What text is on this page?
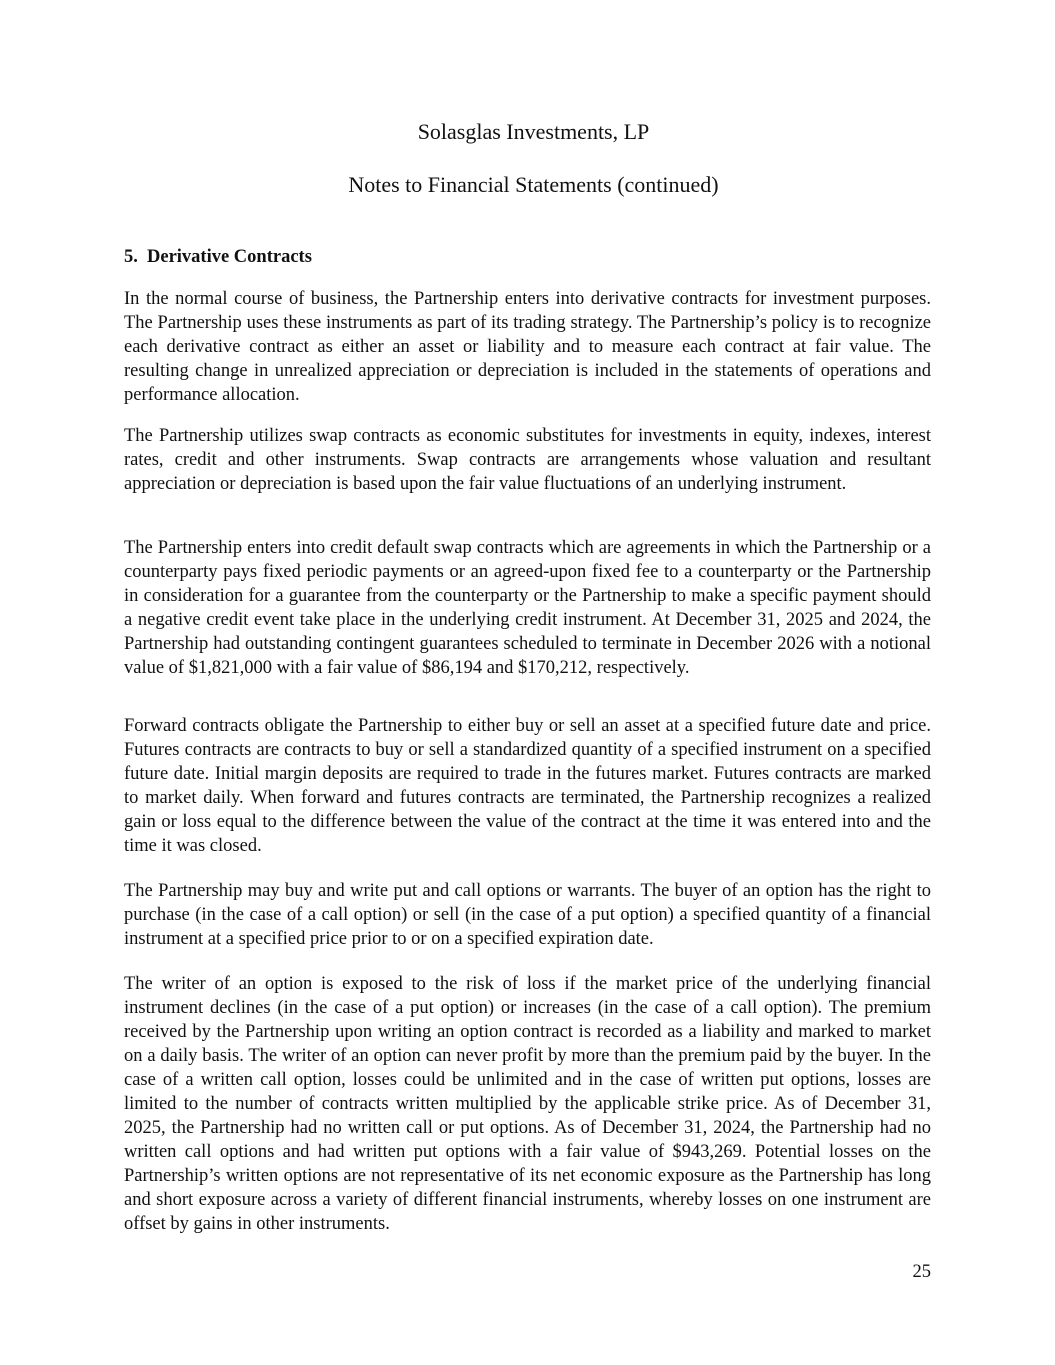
Solasglas Investments, LP
Notes to Financial Statements (continued)
5. Derivative Contracts

In the normal course of business, the Partnership enters into derivative contracts for investment purposes. The Partnership uses these instruments as part of its trading strategy. The Partnership’s policy is to recognize each derivative contract as either an asset or liability and to measure each contract at fair value. The resulting change in unrealized appreciation or depreciation is included in the statements of operations and performance allocation.

The Partnership utilizes swap contracts as economic substitutes for investments in equity, indexes, interest rates, credit and other instruments. Swap contracts are arrangements whose valuation and resultant appreciation or depreciation is based upon the fair value fluctuations of an underlying instrument.

The Partnership enters into credit default swap contracts which are agreements in which the Partnership or a counterparty pays fixed periodic payments or an agreed-upon fixed fee to a counterparty or the Partnership in consideration for a guarantee from the counterparty or the Partnership to make a specific payment should a negative credit event take place in the underlying credit instrument. At December 31, 2025 and 2024, the Partnership had outstanding contingent guarantees scheduled to terminate in December 2026 with a notional value of $1,821,000 with a fair value of $86,194 and $170,212, respectively.

Forward contracts obligate the Partnership to either buy or sell an asset at a specified future date and price. Futures contracts are contracts to buy or sell a standardized quantity of a specified instrument on a specified future date. Initial margin deposits are required to trade in the futures market. Futures contracts are marked to market daily. When forward and futures contracts are terminated, the Partnership recognizes a realized gain or loss equal to the difference between the value of the contract at the time it was entered into and the time it was closed.

The Partnership may buy and write put and call options or warrants. The buyer of an option has the right to purchase (in the case of a call option) or sell (in the case of a put option) a specified quantity of a financial instrument at a specified price prior to or on a specified expiration date.

The writer of an option is exposed to the risk of loss if the market price of the underlying financial instrument declines (in the case of a put option) or increases (in the case of a call option). The premium received by the Partnership upon writing an option contract is recorded as a liability and marked to market on a daily basis. The writer of an option can never profit by more than the premium paid by the buyer. In the case of a written call option, losses could be unlimited and in the case of written put options, losses are limited to the number of contracts written multiplied by the applicable strike price. As of December 31, 2025, the Partnership had no written call or put options. As of December 31, 2024, the Partnership had no written call options and had written put options with a fair value of $943,269. Potential losses on the Partnership’s written options are not representative of its net economic exposure as the Partnership has long and short exposure across a variety of different financial instruments, whereby losses on one instrument are offset by gains in other instruments.

25
